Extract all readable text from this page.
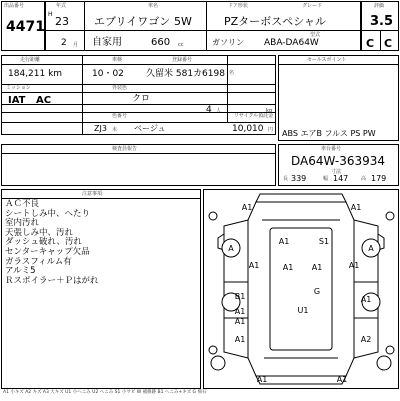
出品番号
4471
年式	車名	ドア形状	グレード
H
23 エブリイワゴン 5W	PZターボスペシャル
2 月 自家用	660 cc	ガソリン
型式
ABA-DA64W
評価
3.5
C C
走行距離	車検	登録番号
184,211 km	10・02 久留米 581カ6198 名
ミッション	外装色
IAT AC	クロ
4 人	kg
色番号	リサイクル預託金
ZJ3	ベージュ	10,010 円
未
セールスポイント
ABS エアB フルス PS PW
検査員報告	車台番号
DA64W-363934
寸法
長 339	幅 147	高 179
注意事項
ＡＣ不良
シートしみ中、へたり
室内汚れ
天張しみ中、汚れ
ダッシュ破れ、汚れ
センターキャップ欠品
ガラスフィルム有
アルミ5
Ｒスポイラー＋Ｐはがれ
A1	A1
A
A1	S1
A
A1	A1 A1	A1
G
B1
A1
A1
A1
U1
A1	A2
A1	A1
A1 小キズ A2 キズ A3 大キズ U1 小へこみ U2 へこみ S1 小サビ W 補修跡 B1 へこみ+キズ G 飛石
